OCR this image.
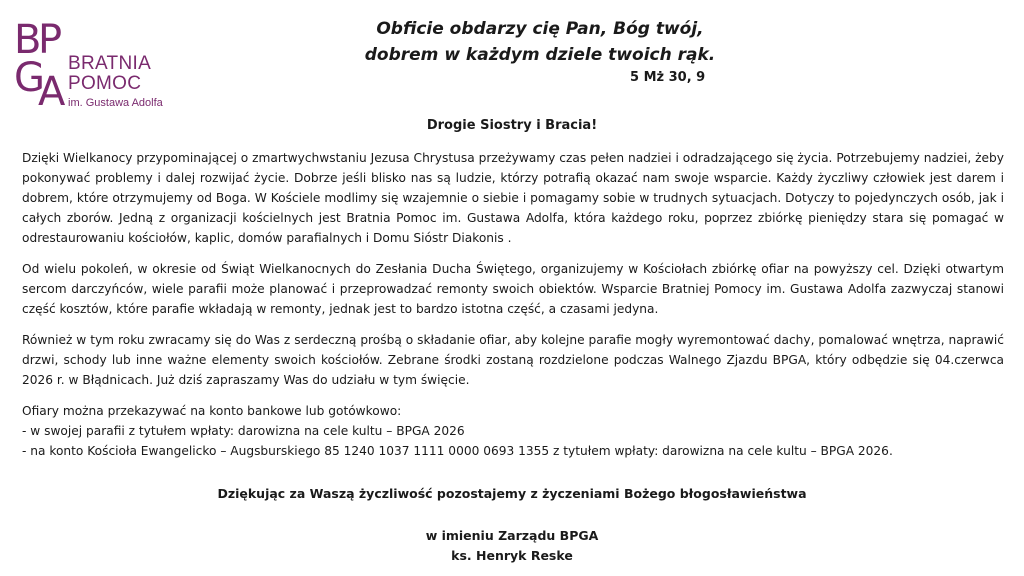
B
P
G
A
BRATNIA
POMOC
im. Gustawa Adolfa
Obficie obdarzy cię Pan, Bóg twój,
dobrem w każdym dziele twoich rąk.
5 Mż 30, 9
Drogie Siostry i Bracia!

Dzięki Wielkanocy przypominającej o zmartwychwstaniu Jezusa Chrystusa przeżywamy czas pełen nadziei i odradzającego się życia. Potrzebujemy nadziei, żeby pokonywać problemy i dalej rozwijać życie. Dobrze jeśli blisko nas są ludzie, którzy potrafią okazać nam swoje wsparcie. Każdy życzliwy człowiek jest darem i dobrem, które otrzymujemy od Boga. W Kościele modlimy się wzajemnie o siebie i pomagamy sobie w trudnych sytuacjach. Dotyczy to pojedynczych osób, jak i całych zborów. Jedną z organizacji kościelnych jest Bratnia Pomoc im. Gustawa Adolfa, która każdego roku, poprzez zbiórkę pieniędzy stara się pomagać w odrestaurowaniu kościołów, kaplic, domów parafialnych i Domu Sióstr Diakonis .

Od wielu pokoleń, w okresie od Świąt Wielkanocnych do Zesłania Ducha Świętego, organizujemy w Kościołach zbiórkę ofiar na powyższy cel. Dzięki otwartym sercom darczyńców, wiele parafii może planować i przeprowadzać remonty swoich obiektów. Wsparcie Bratniej Pomocy im. Gustawa Adolfa zazwyczaj stanowi część kosztów, które parafie wkładają w remonty, jednak jest to bardzo istotna część, a czasami jedyna.

Również w tym roku zwracamy się do Was z serdeczną prośbą o składanie ofiar, aby kolejne parafie mogły wyremontować dachy, pomalować wnętrza, naprawić drzwi, schody lub inne ważne elementy swoich kościołów. Zebrane środki zostaną rozdzielone podczas Walnego Zjazdu BPGA, który odbędzie się 04.czerwca 2026 r. w Błądnicach. Już dziś zapraszamy Was do udziału w tym święcie.

Ofiary można przekazywać na konto bankowe lub gotówkowo:
- w swojej parafii z tytułem wpłaty: darowizna na cele kultu – BPGA 2026
- na konto Kościoła Ewangelicko – Augsburskiego 85 1240 1037 1111 0000 0693 1355 z tytułem wpłaty: darowizna na cele kultu – BPGA 2026.
Dziękując za Waszą życzliwość pozostajemy z życzeniami Bożego błogosławieństwa
w imieniu Zarządu BPGA
ks. Henryk Reske
